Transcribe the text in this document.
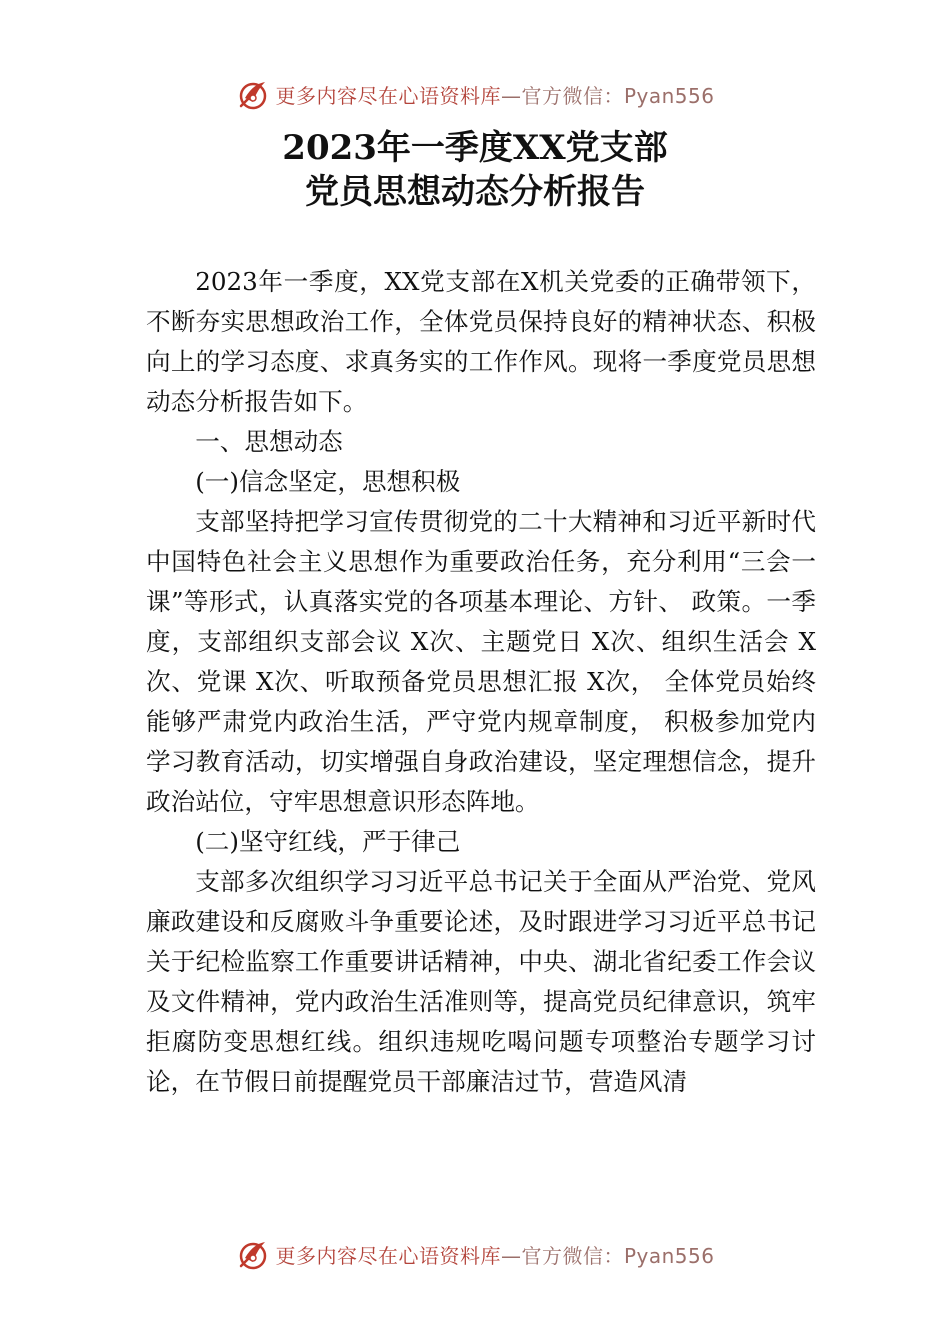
更多内容尽在心语资料库 —官方微信：Pyan556
2023年一季度XX党支部
党员思想动态分析报告

2023年一季度，XX党支部在X机关党委的正确带领下，不断夯实思想政治工作，全体党员保持良好的精神状态、积极向上的学习态度、求真务实的工作作风。现将一季度党员思想动态分析报告如下。

一、思想动态

(一)信念坚定，思想积极

支部坚持把学习宣传贯彻党的二十大精神和习近平新时代中国特色社会主义思想作为重要政治任务，充分利用“三会一课”等形式，认真落实党的各项基本理论、方针、 政策。一季度，支部组织支部会议 X次、主题党日 X次、组织生活会 X次、党课 X次、听取预备党员思想汇报 X次， 全体党员始终能够严肃党内政治生活，严守党内规章制度， 积极参加党内学习教育活动，切实增强自身政治建设，坚定理想信念，提升政治站位，守牢思想意识形态阵地。

(二)坚守红线，严于律己

支部多次组织学习习近平总书记关于全面从严治党、党风廉政建设和反腐败斗争重要论述，及时跟进学习习近平总书记关于纪检监察工作重要讲话精神，中央、湖北省纪委工作会议及文件精神，党内政治生活准则等，提高党员纪律意识，筑牢拒腐防变思想红线。组织违规吃喝问题专项整治专题学习讨论，在节假日前提醒党员干部廉洁过节，营造风清

更多内容尽在心语资料库 —官方微信：Pyan556
